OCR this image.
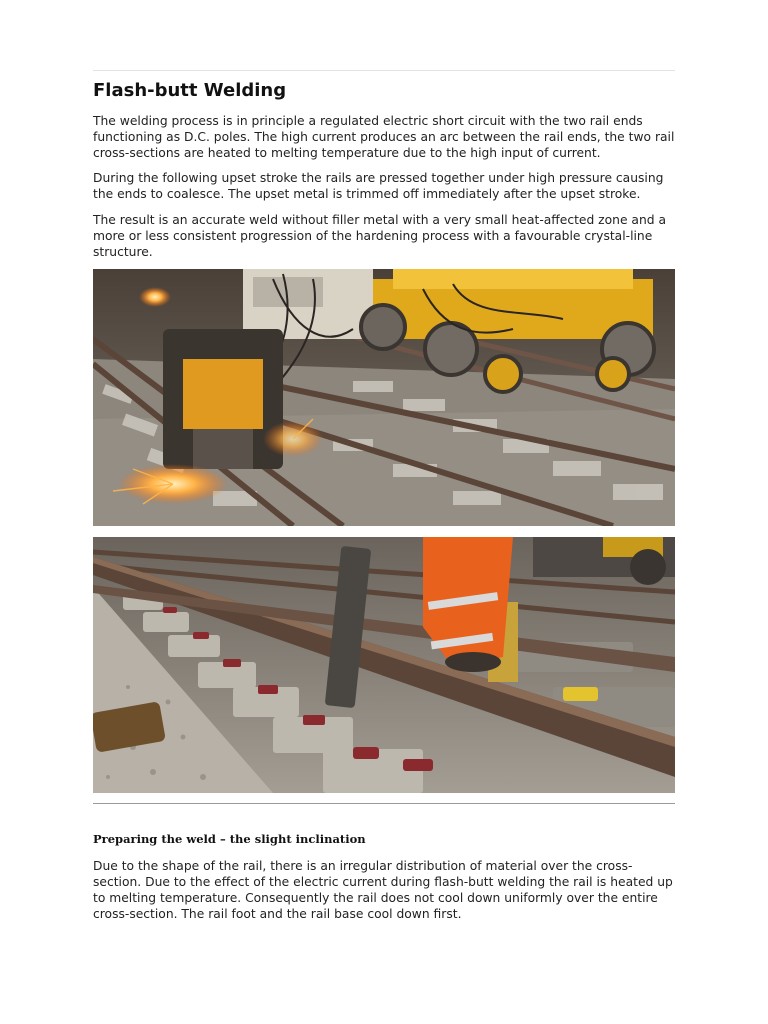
Flash-butt Welding

The welding process is in principle a regulated electric short circuit with the two rail ends functioning as D.C. poles. The high current produces an arc between the rail ends, the two rail cross-sections are heated to melting temperature due to the high input of current.

During the following upset stroke the rails are pressed together under high pressure causing the ends to coalesce. The upset metal is trimmed off immediately after the upset stroke.

The result is an accurate weld without filler metal with a very small heat-affected zone and a more or less consistent progression of the hardening process with a favourable crystal-line structure.

Preparing the weld – the slight inclination

Due to the shape of the rail, there is an irregular distribution of material over the cross-section. Due to the effect of the electric current during flash-butt welding the rail is heated up to melting temperature. Consequently the rail does not cool down uniformly over the entire cross-section. The rail foot and the rail base cool down first.
